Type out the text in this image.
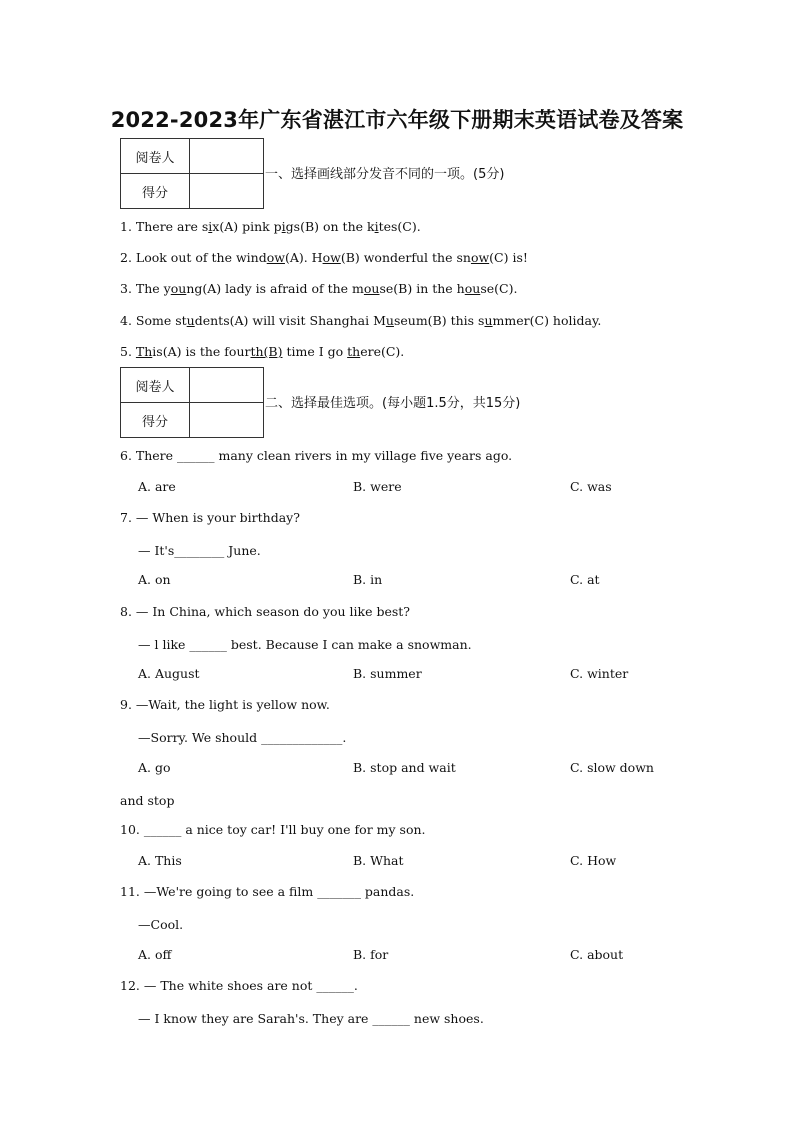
2022-2023年广东省湛江市六年级下册期末英语试卷及答案
阅卷人	
得分	
一、选择画线部分发音不同的一项。(5分)
1. There are six(A) pink pigs(B) on the kites(C).
2. Look out of the window(A). How(B) wonderful the snow(C) is!
3. The young(A) lady is afraid of the mouse(B) in the house(C).
4. Some students(A) will visit Shanghai Museum(B) this summer(C) holiday.
5. This(A) is the fourth(B) time I go there(C).
阅卷人	
得分	
二、选择最佳选项。(每小题1.5分，共15分)
6. There ______ many clean rivers in my village five years ago.
A. are	B. were	C. was
7. — When is your birthday?
— It's________ June.
A. on	B. in	C. at
8. — In China, which season do you like best?
— l like ______ best. Because I can make a snowman.
A. August	B. summer	C. winter
9. —Wait, the light is yellow now.
—Sorry. We should _____________.
A. go	B. stop and wait	C. slow down
and stop
10. ______ a nice toy car! I'll buy one for my son.
A. This	B. What	C. How
11. —We're going to see a film _______ pandas.
—Cool.
A. off	B. for	C. about
12. — The white shoes are not ______.
— I know they are Sarah's. They are ______ new shoes.
